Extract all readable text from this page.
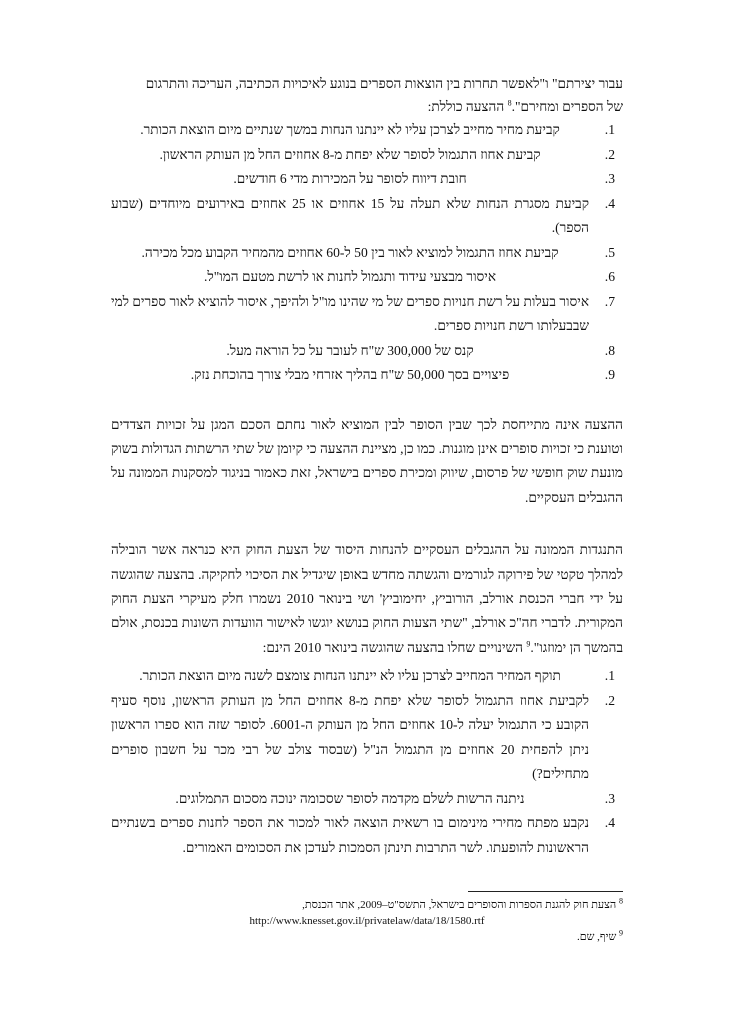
עבור יצירתם" ו"לאפשר תחרות בין הוצאות הספרים בנוגע לאיכויות הכתיבה, העריכה והתרגום

של הספרים ומחירם".$^8$ ההצעה כוללת:

1.
קביעת מחיר מחייב לצרכן עליו לא יינתנו הנחות במשך שנתיים מיום הוצאת הכותר.
2.
קביעת אחוז התגמול לסופר שלא יפחת מ-8 אחוזים החל מן העותק הראשון.
3.
חובת דיווח לסופר על המכירות מדי 6 חודשים.
4.
קביעת מסגרת הנחות שלא תעלה על 15 אחוזים או 25 אחוזים באירועים מיוחדים (שבוע הספר).
5.
קביעת אחוז התגמול למוציא לאור בין 50 ל-60 אחוזים מהמחיר הקבוע מכל מכירה.
6.
איסור מבצעי עידוד ותגמול לחנות או לרשת מטעם המו"ל.
7.
איסור בעלות על רשת חנויות ספרים של מי שהינו מו"ל ולהיפך, איסור להוציא לאור ספרים למי שבבעלותו רשת חנויות ספרים.
8.
קנס של 300,000 ש"ח לעובר על כל הוראה מעל.
9.
פיצויים בסך 50,000 ש"ח בהליך אזרחי מבלי צורך בהוכחת נזק.

ההצעה אינה מתייחסת לכך שבין הסופר לבין המוציא לאור נחתם הסכם המגן על זכויות הצדדים וטוענת כי זכויות סופרים אינן מוגנות. כמו כן, מציינת ההצעה כי קיומן של שתי הרשתות הגדולות בשוק מונעת שוק חופשי של פרסום, שיווק ומכירת ספרים בישראל, זאת כאמור בניגוד למסקנות הממונה על ההגבלים העסקיים.

התנגדות הממונה על ההגבלים העסקיים להנחות היסוד של הצעת החוק היא כנראה אשר הובילה למהלך טקטי של פירוקה לגורמים והגשתה מחדש באופן שיגדיל את הסיכוי לחקיקה. בהצעה שהוגשה על ידי חברי הכנסת אורלב, הורוביץ, יחימוביץ' ושי בינואר 2010 נשמרו חלק מעיקרי הצעת החוק המקורית. לדברי חה"כ אורלב, "שתי הצעות החוק בנושא יוגשו לאישור הוועדות השונות בכנסת, אולם בהמשך הן ימוזגו".$^9$ השינויים שחלו בהצעה שהוגשה בינואר 2010 הינם:

1.
תוקף המחיר המחייב לצרכן עליו לא יינתנו הנחות צומצם לשנה מיום הוצאת הכותר.
2.
לקביעת אחוז התגמול לסופר שלא יפחת מ-8 אחוזים החל מן העותק הראשון, נוסף סעיף הקובע כי התגמול יעלה ל-10 אחוזים החל מן העותק ה-6001. לסופר שזה הוא ספרו הראשון ניתן להפחית 20 אחוזים מן התגמול הנ"ל (שבסוד צולב של רבי מכר על חשבון סופרים מתחילים?)
3.
ניתנה הרשות לשלם מקדמה לסופר שסכומה ינוכה מסכום התמלוגים.
4.
נקבע מפתח מחירי מינימום בו רשאית הוצאה לאור למכור את הספר לחנות ספרים בשנתיים הראשונות להופעתו. לשר התרבות תינתן הסמכות לעדכן את הסכומים האמורים.

$^8$ הצעת חוק להגנת הספרות והסופרים בישראל, התשס"ט–2009, אתר הכנסת,
http://www.knesset.gov.il/privatelaw/data/18/1580.rtf

$^9$ שיף, שם.
